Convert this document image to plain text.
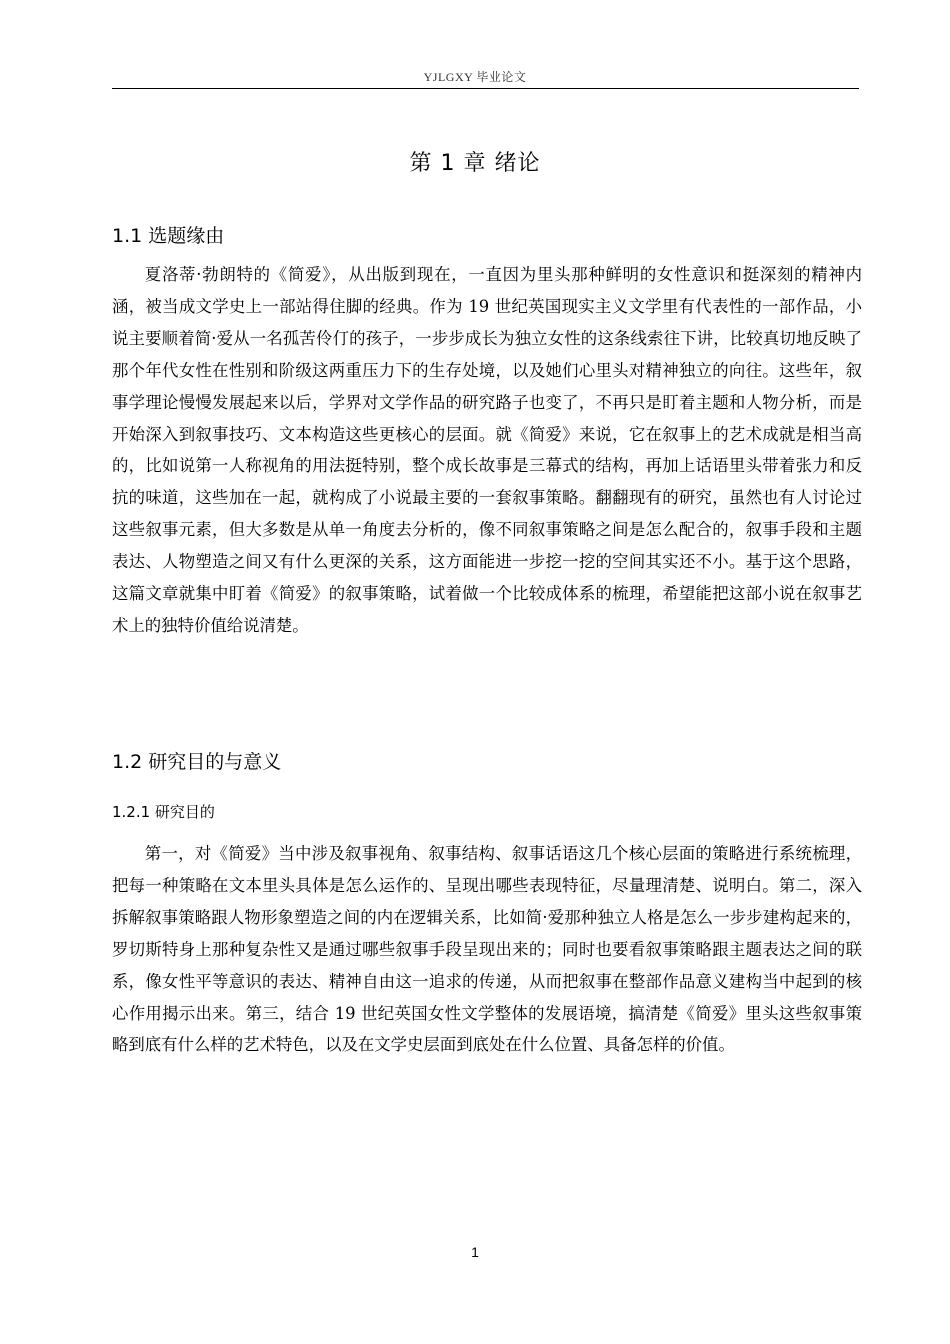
YJLGXY 毕业论文
第 1 章 绪论
1.1 选题缘由

夏洛蒂·勃朗特的《简爱》，从出版到现在，一直因为里头那种鲜明的女性意识和挺深刻的精神内涵，被当成文学史上一部站得住脚的经典。作为 19 世纪英国现实主义文学里有代表性的一部作品，小说主要顺着简·爱从一名孤苦伶仃的孩子，一步步成长为独立女性的这条线索往下讲，比较真切地反映了那个年代女性在性别和阶级这两重压力下的生存处境，以及她们心里头对精神独立的向往。这些年，叙事学理论慢慢发展起来以后，学界对文学作品的研究路子也变了，不再只是盯着主题和人物分析，而是开始深入到叙事技巧、文本构造这些更核心的层面。就《简爱》来说，它在叙事上的艺术成就是相当高的，比如说第一人称视角的用法挺特别，整个成长故事是三幕式的结构，再加上话语里头带着张力和反抗的味道，这些加在一起，就构成了小说最主要的一套叙事策略。翻翻现有的研究，虽然也有人讨论过这些叙事元素，但大多数是从单一角度去分析的，像不同叙事策略之间是怎么配合的，叙事手段和主题表达、人物塑造之间又有什么更深的关系，这方面能进一步挖一挖的空间其实还不小。基于这个思路，这篇文章就集中盯着《简爱》的叙事策略，试着做一个比较成体系的梳理，希望能把这部小说在叙事艺术上的独特价值给说清楚。

1.2 研究目的与意义
1.2.1 研究目的

第一，对《简爱》当中涉及叙事视角、叙事结构、叙事话语这几个核心层面的策略进行系统梳理，把每一种策略在文本里头具体是怎么运作的、呈现出哪些表现特征，尽量理清楚、说明白。第二，深入拆解叙事策略跟人物形象塑造之间的内在逻辑关系，比如简·爱那种独立人格是怎么一步步建构起来的，罗切斯特身上那种复杂性又是通过哪些叙事手段呈现出来的；同时也要看叙事策略跟主题表达之间的联系，像女性平等意识的表达、精神自由这一追求的传递，从而把叙事在整部作品意义建构当中起到的核心作用揭示出来。第三，结合 19 世纪英国女性文学整体的发展语境，搞清楚《简爱》里头这些叙事策略到底有什么样的艺术特色，以及在文学史层面到底处在什么位置、具备怎样的价值。

1
